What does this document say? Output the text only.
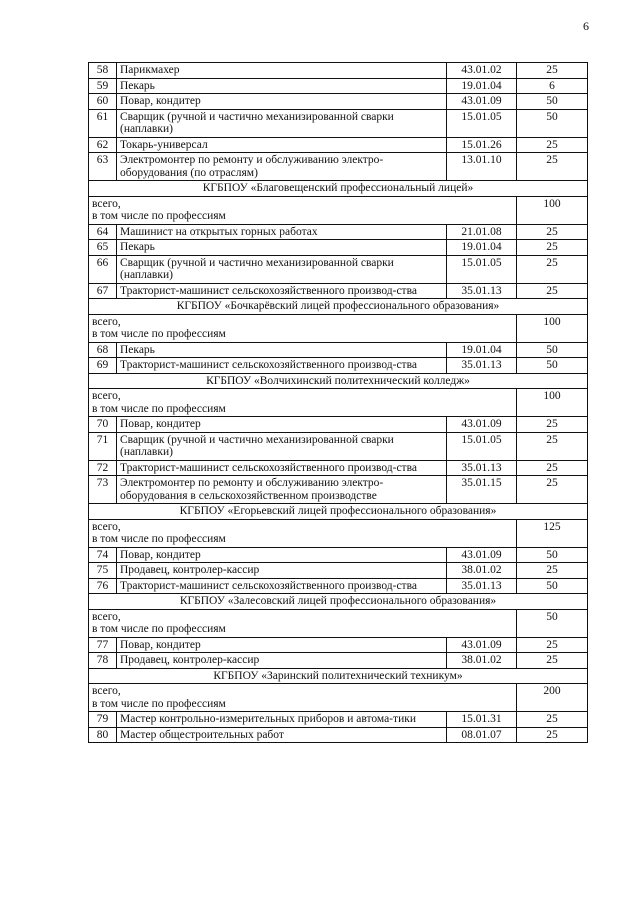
6
58	Парикмахер	43.01.02	25
59	Пекарь	19.01.04	6
60	Повар, кондитер	43.01.09	50
61	Сварщик (ручной и частично механизированной сварки (наплавки)	15.01.05	50
62	Токарь-универсал	15.01.26	25
63	Электромонтер по ремонту и обслуживанию электро-оборудования (по отраслям)	13.01.10	25
КГБПОУ «Благовещенский профессиональный лицей»			

всего,
в том числе по профессиям			100
64	Машинист на открытых горных работах	21.01.08	25
65	Пекарь	19.01.04	25
66	Сварщик (ручной и частично механизированной сварки (наплавки)	15.01.05	25
67	Тракторист-машинист сельскохозяйственного производ-ства	35.01.13	25
КГБПОУ «Бочкарёвский лицей профессионального образования»			

всего,
в том числе по профессиям			100
68	Пекарь	19.01.04	50
69	Тракторист-машинист сельскохозяйственного производ-ства	35.01.13	50
КГБПОУ «Волчихинский политехнический колледж»			

всего,
в том числе по профессиям			100
70	Повар, кондитер	43.01.09	25
71	Сварщик (ручной и частично механизированной сварки (наплавки)	15.01.05	25
72	Тракторист-машинист сельскохозяйственного производ-ства	35.01.13	25
73	Электромонтер по ремонту и обслуживанию электро-оборудования в сельскохозяйственном производстве	35.01.15	25
КГБПОУ «Егорьевский лицей профессионального образования»			

всего,
в том числе по профессиям			125
74	Повар, кондитер	43.01.09	50
75	Продавец, контролер-кассир	38.01.02	25
76	Тракторист-машинист сельскохозяйственного производ-ства	35.01.13	50
КГБПОУ «Залесовский лицей профессионального образования»			

всего,
в том числе по профессиям			50
77	Повар, кондитер	43.01.09	25
78	Продавец, контролер-кассир	38.01.02	25
КГБПОУ «Заринский политехнический техникум»			

всего,
в том числе по профессиям			200
79	Мастер контрольно-измерительных приборов и автома-тики	15.01.31	25
80	Мастер общестроительных работ	08.01.07	25
